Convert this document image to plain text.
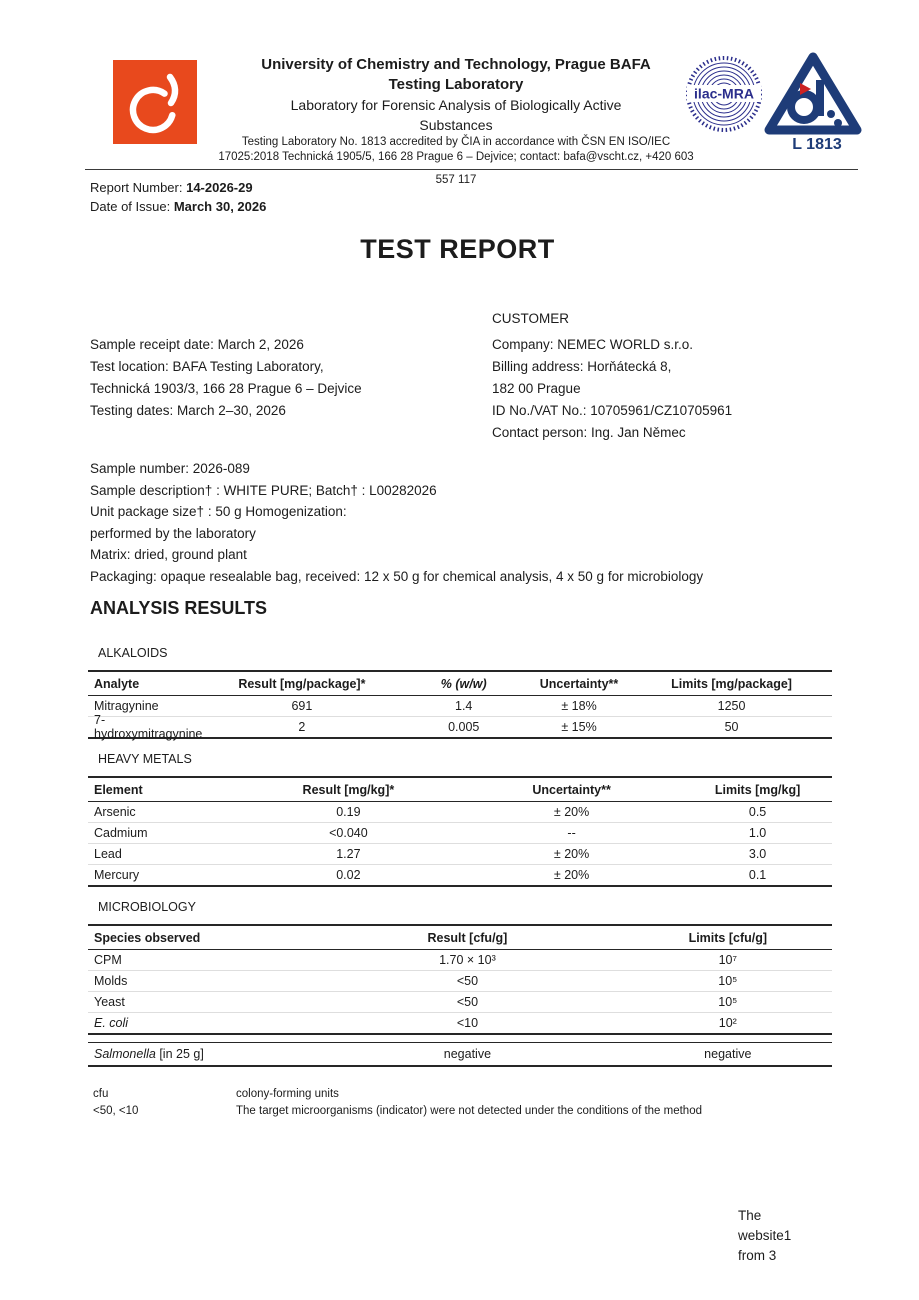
University of Chemistry and Technology, Prague BAFA
Testing Laboratory
Laboratory for Forensic Analysis of Biologically Active
Substances
Testing Laboratory No. 1813 accredited by ČIA in accordance with ČSN EN ISO/IEC
17025:2018 Technická 1905/5, 166 28 Prague 6 – Dejvice; contact: bafa@vscht.cz, +420 603
557 117
ilac-MRA
L 1813
Report Number: 14-2026-29
Date of Issue: March 30, 2026
TEST REPORT
CUSTOMER
Sample receipt date: March 2, 2026
Test location: BAFA Testing Laboratory,
Technická 1903/3, 166 28 Prague 6 – Dejvice
Testing dates: March 2–30, 2026
Company: NEMEC WORLD s.r.o.
Billing address: Horňátecká 8,
182 00 Prague
ID No./VAT No.: 10705961/CZ10705961
Contact person: Ing. Jan Němec
Sample number: 2026-089
Sample description† : WHITE PURE; Batch† : L00282026
Unit package size† : 50 g Homogenization:
performed by the laboratory
Matrix: dried, ground plant
Packaging: opaque resealable bag, received: 12 x 50 g for chemical analysis, 4 x 50 g for microbiology
ANALYSIS RESULTS
ALKALOIDS
Analyte	Result [mg/package]*	% (w/w)	Uncertainty**	Limits [mg/package]
Mitragynine	691	1.4	± 18%	1250
7-hydroxymitragynine	2	0.005	± 15%	50
HEAVY METALS
Element	Result [mg/kg]*	Uncertainty**	Limits [mg/kg]
Arsenic	0.19	± 20%	0.5
Cadmium	<0.040	--	1.0
Lead	1.27	± 20%	3.0
Mercury	0.02	± 20%	0.1
MICROBIOLOGY
Species observed	Result [cfu/g]	Limits [cfu/g]
CPM	1.70 × 10³	10⁷
Molds	<50	10⁵
Yeast	<50	10⁵
E. coli	<10	10²
Salmonella [in 25 g]	negative	negative
cfu	colony-forming units
<50, <10	The target microorganisms (indicator) were not detected under the conditions of the method
The
website1
from 3
